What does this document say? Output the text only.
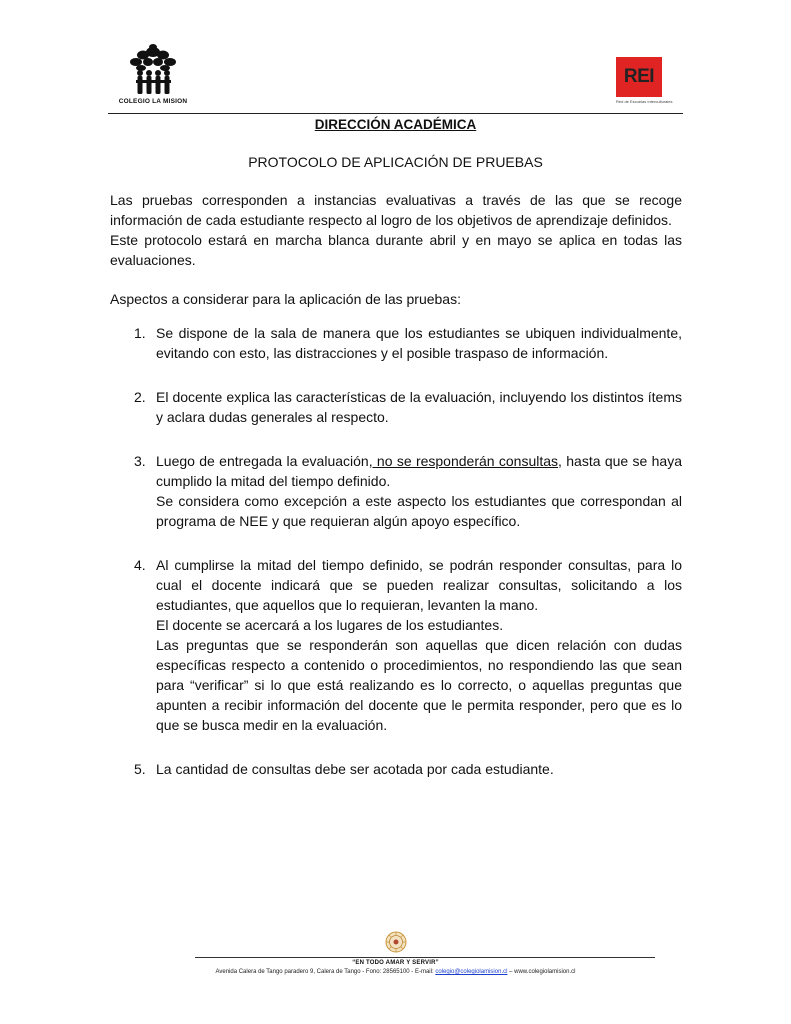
COLEGIO LA MISION
REI
Red de Escuelas Interculturales
DIRECCIÓN ACADÉMICA
PROTOCOLO DE APLICACIÓN DE PRUEBAS

Las pruebas corresponden a instancias evaluativas a través de las que se recoge información de cada estudiante respecto al logro de los objetivos de aprendizaje definidos.

Este protocolo estará en marcha blanca durante abril y en mayo se aplica en todas las evaluaciones.

Aspectos a considerar para la aplicación de las pruebas:
1. Se dispone de la sala de manera que los estudiantes se ubiquen individualmente, evitando con esto, las distracciones y el posible traspaso de información.

2. El docente explica las características de la evaluación, incluyendo los distintos ítems y aclara dudas generales al respecto.

3. Luego de entregada la evaluación, no se responderán consultas, hasta que se haya cumplido la mitad del tiempo definido.

Se considera como excepción a este aspecto los estudiantes que correspondan al programa de NEE y que requieran algún apoyo específico.

4. Al cumplirse la mitad del tiempo definido, se podrán responder consultas, para lo cual el docente indicará que se pueden realizar consultas, solicitando a los estudiantes, que aquellos que lo requieran, levanten la mano.

El docente se acercará a los lugares de los estudiantes.

Las preguntas que se responderán son aquellas que dicen relación con dudas específicas respecto a contenido o procedimientos, no respondiendo las que sean para “verificar” si lo que está realizando es lo correcto, o aquellas preguntas que apunten a recibir información del docente que le permita responder, pero que es lo que se busca medir en la evaluación.

5. La cantidad de consultas debe ser acotada por cada estudiante.

“EN TODO AMAR Y SERVIR”
Avenida Calera de Tango paradero 9, Calera de Tango - Fono: 28565100 - E-mail: colegio@colegiolamision.cl – www.colegiolamision.cl
